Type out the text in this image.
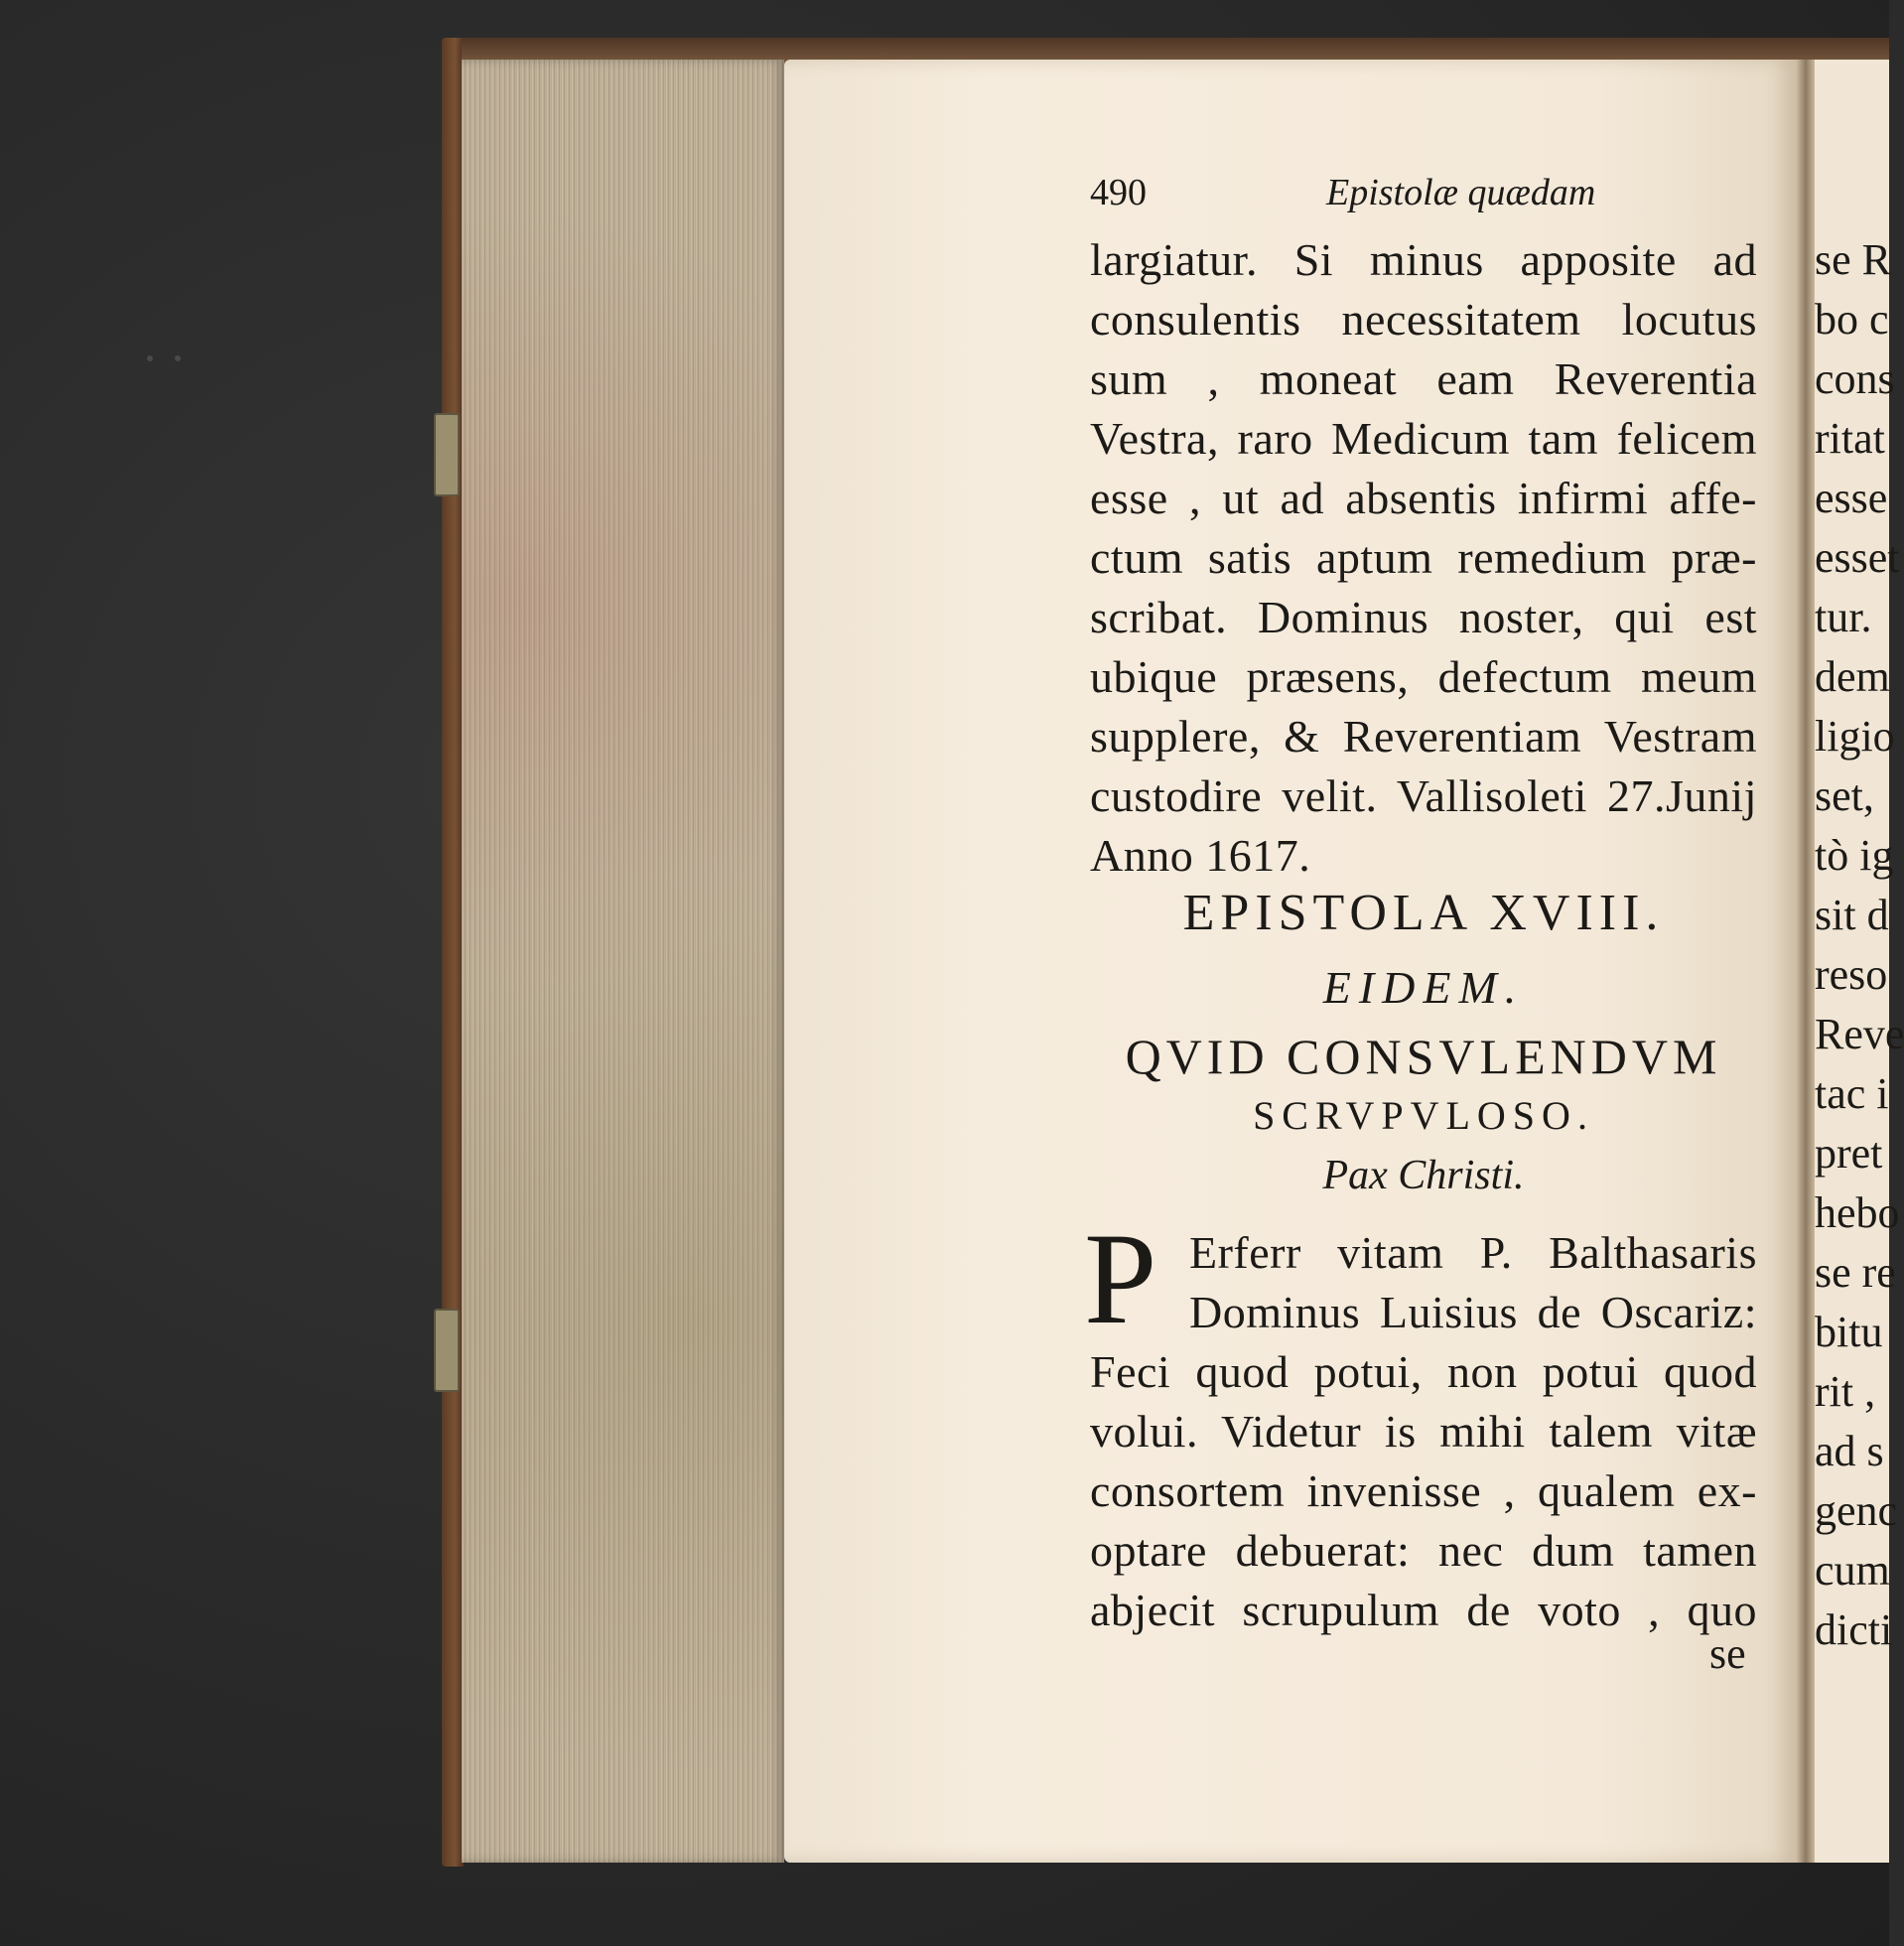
490	Epistolæ quædam
largiatur. Si minus apposite ad
consulentis necessitatem locutus
sum , moneat eam Reverentia
Vestra, raro Medicum tam felicem
esse , ut ad absentis infirmi affe-
ctum satis aptum remedium præ-
scribat. Dominus noster, qui est
ubique præsens, defectum meum
supplere, & Reverentiam Vestram
custodire velit. Vallisoleti 27.Junij
Anno 1617.
EPISTOLA XVIII.
EIDEM.
QVID CONSVLENDVM
SCRVPVLOSO.
Pax Christi.
P Erferr vitam P. Balthasaris
Dominus Luisius de Oscariz:
Feci quod potui, non potui quod
volui. Videtur is mihi talem vitæ
consortem invenisse , qualem ex-
optare debuerat: nec dum tamen
abjecit scrupulum de voto , quo
se
se R
bo c
cons
ritat
esse
esset
tur.
dem
ligio
set,
tò ig
sit d
reso
Reve
tac i
pret
hebo
se re
bitu
rit ,
ad s
genc
cum
dicti
